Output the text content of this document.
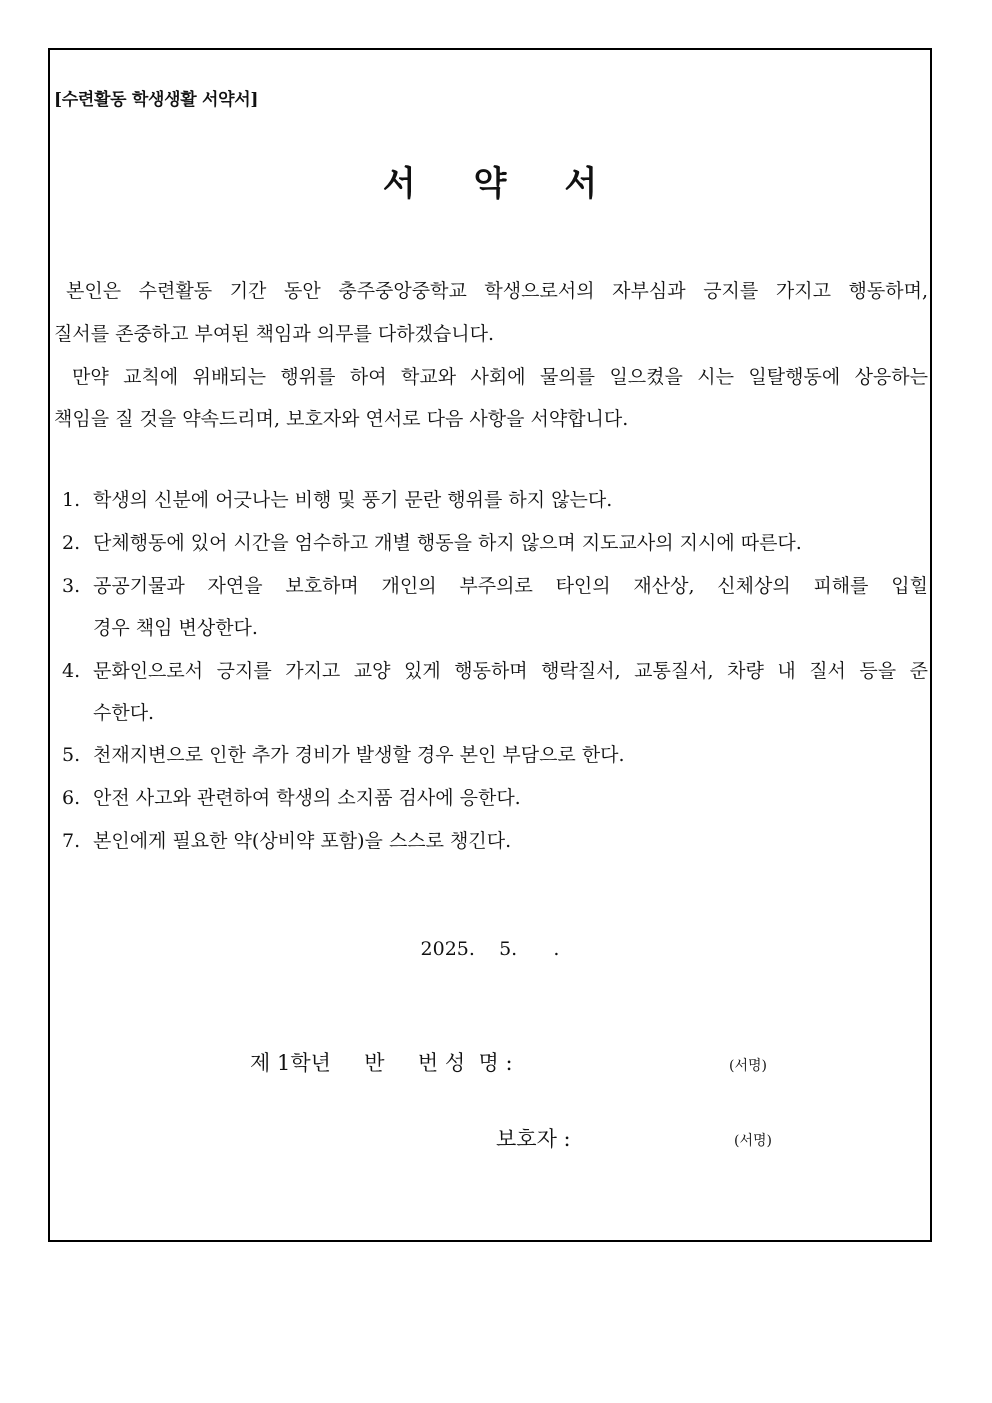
[수련활동 학생생활 서약서]
서 약 서
본인은 수련활동 기간 동안 충주중앙중학교 학생으로서의 자부심과 긍지를 가지고 행동하며,
질서를 존중하고 부여된 책임과 의무를 다하겠습니다.
만약 교칙에 위배되는 행위를 하여 학교와 사회에 물의를 일으켰을 시는 일탈행동에 상응하는
책임을 질 것을 약속드리며, 보호자와 연서로 다음 사항을 서약합니다.
1. 학생의 신분에 어긋나는 비행 및 풍기 문란 행위를 하지 않는다.
2. 단체행동에 있어 시간을 엄수하고 개별 행동을 하지 않으며 지도교사의 지시에 따른다.
3. 공공기물과 자연을 보호하며 개인의 부주의로 타인의 재산상, 신체상의 피해를 입힐
경우 책임 변상한다.
4. 문화인으로서 긍지를 가지고 교양 있게 행동하며 행락질서, 교통질서, 차량 내 질서 등을 준
수한다.
5. 천재지변으로 인한 추가 경비가 발생할 경우 본인 부담으로 한다.
6. 안전 사고와 관련하여 학생의 소지품 검사에 응한다.
7. 본인에게 필요한 약(상비약 포함)을 스스로 챙긴다.
2025.    5.      .
제 1학년     반     번 성  명 :	(서명)
보호자 :	(서명)
